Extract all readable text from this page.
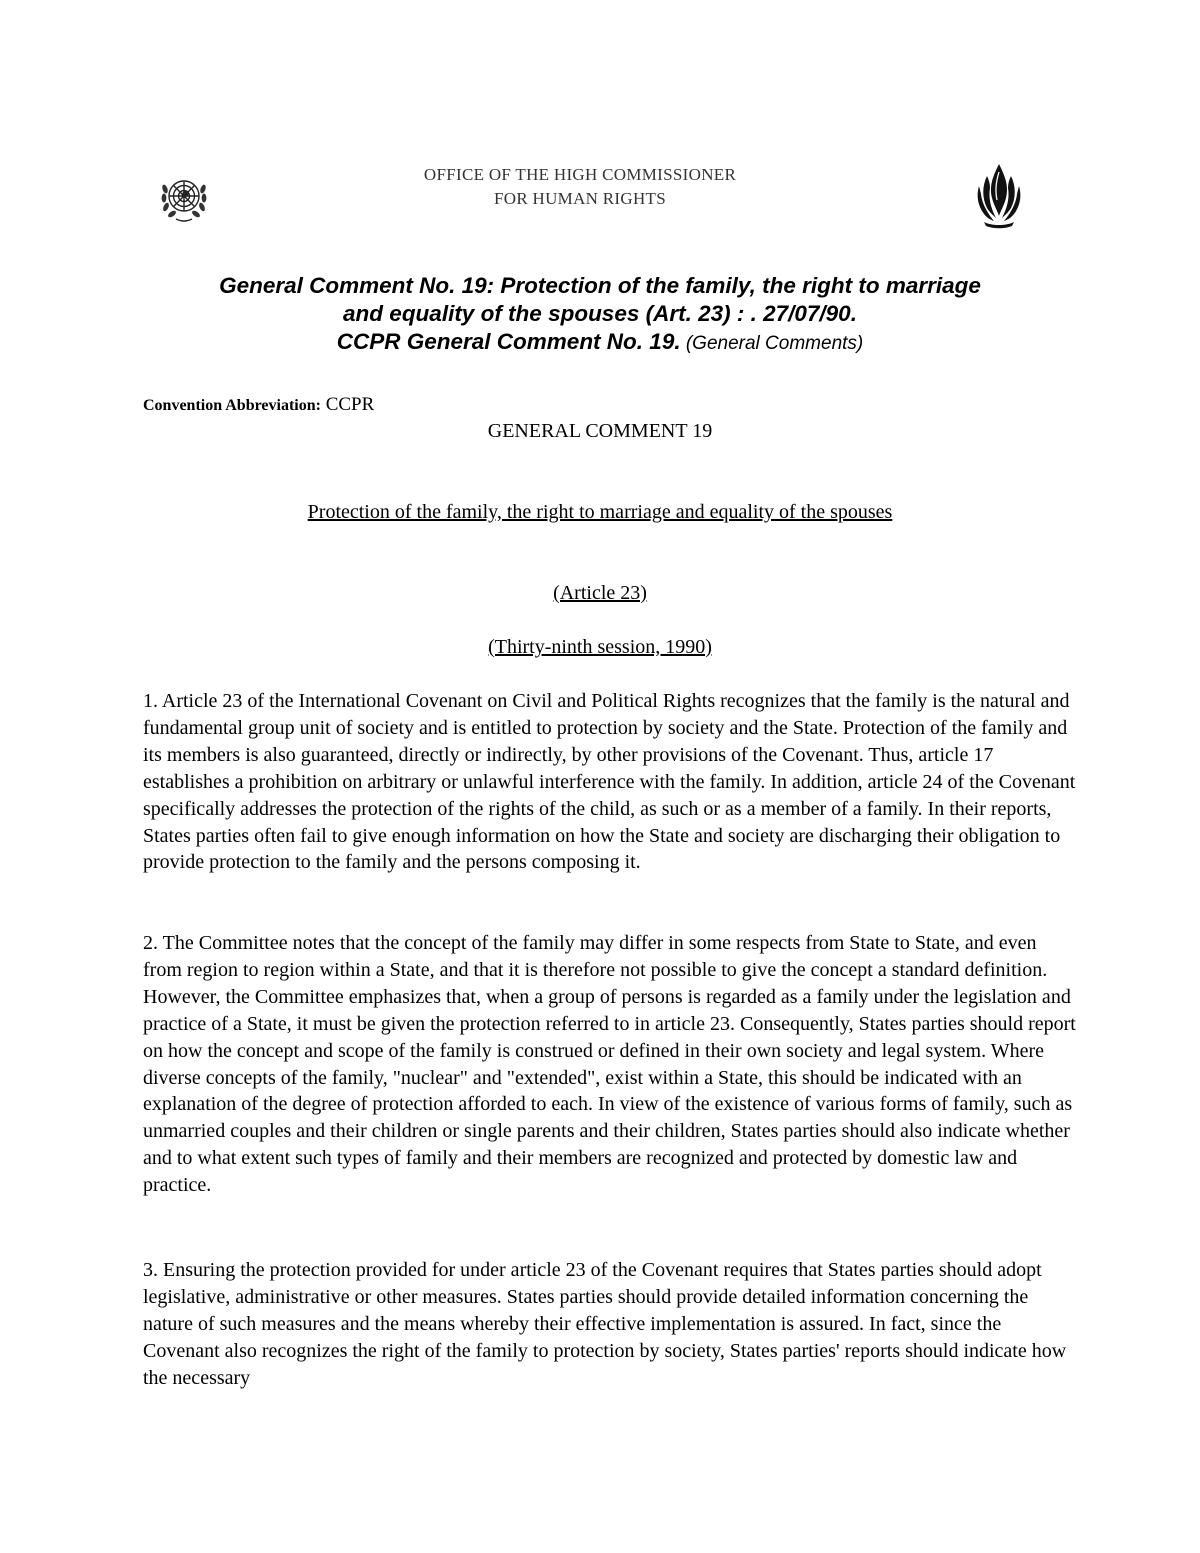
OFFICE OF THE HIGH COMMISSIONER
FOR HUMAN RIGHTS
General Comment No. 19: Protection of the family, the right to marriage
and equality of the spouses (Art. 23) : . 27/07/90.
CCPR General Comment No. 19. (General Comments)
Convention Abbreviation: CCPR
GENERAL COMMENT 19
Protection of the family, the right to marriage and equality of the spouses
(Article 23)
(Thirty-ninth session, 1990)

1. Article 23 of the International Covenant on Civil and Political Rights recognizes that the family is the natural and fundamental group unit of society and is entitled to protection by society and the State. Protection of the family and its members is also guaranteed, directly or indirectly, by other provisions of the Covenant. Thus, article 17 establishes a prohibition on arbitrary or unlawful interference with the family. In addition, article 24 of the Covenant specifically addresses the protection of the rights of the child, as such or as a member of a family. In their reports, States parties often fail to give enough information on how the State and society are discharging their obligation to provide protection to the family and the persons composing it.

2. The Committee notes that the concept of the family may differ in some respects from State to State, and even from region to region within a State, and that it is therefore not possible to give the concept a standard definition. However, the Committee emphasizes that, when a group of persons is regarded as a family under the legislation and practice of a State, it must be given the protection referred to in article 23. Consequently, States parties should report on how the concept and scope of the family is construed or defined in their own society and legal system. Where diverse concepts of the family, "nuclear" and "extended", exist within a State, this should be indicated with an explanation of the degree of protection afforded to each. In view of the existence of various forms of family, such as unmarried couples and their children or single parents and their children, States parties should also indicate whether and to what extent such types of family and their members are recognized and protected by domestic law and practice.

3. Ensuring the protection provided for under article 23 of the Covenant requires that States parties should adopt legislative, administrative or other measures. States parties should provide detailed information concerning the nature of such measures and the means whereby their effective implementation is assured. In fact, since the Covenant also recognizes the right of the family to protection by society, States parties' reports should indicate how the necessary
